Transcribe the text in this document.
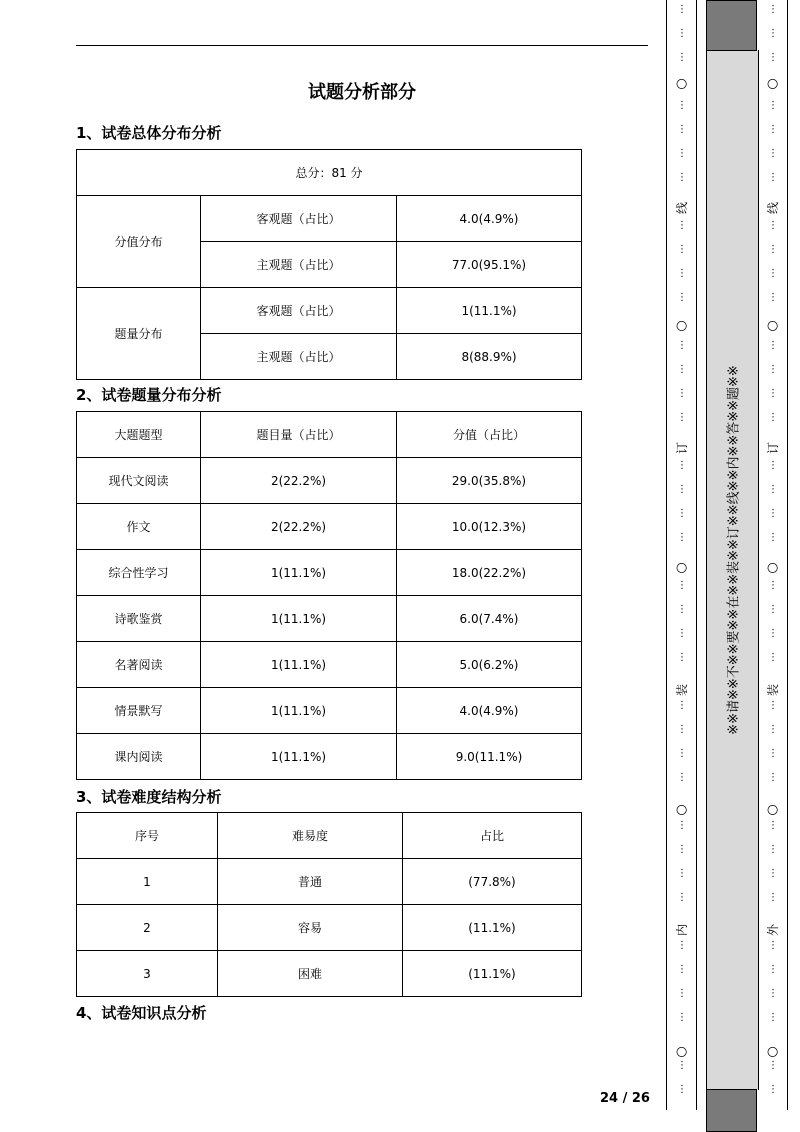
试题分析部分
1、试卷总体分布分析
总分：81 分		
分值分布	客观题（占比）	4.0(4.9%)
	主观题（占比）	77.0(95.1%)
题量分布	客观题（占比）	1(11.1%)
	主观题（占比）	8(88.9%)
2、试卷题量分布分析
大题题型	题目量（占比）	分值（占比）
现代文阅读	2(22.2%)	29.0(35.8%)
作文	2(22.2%)	10.0(12.3%)
综合性学习	1(11.1%)	18.0(22.2%)
诗歌鉴赏	1(11.1%)	6.0(7.4%)
名著阅读	1(11.1%)	5.0(6.2%)
情景默写	1(11.1%)	4.0(4.9%)
课内阅读	1(11.1%)	9.0(11.1%)
3、试卷难度结构分析
序号	难易度	占比
1	普通	(77.8%)
2	容易	(11.1%)
3	困难	(11.1%)
4、试卷知识点分析
⋮
⋮
⋮
⋮
⋮
⋮
⋮
⋮
⋮
⋮
⋮
⋮
⋮
⋮
⋮
⋮
⋮
⋮
⋮
⋮
⋮
⋮
⋮
⋮
⋮
⋮
⋮
⋮
⋮
⋮
⋮
⋮
⋮
⋮
⋮
⋮
⋮
○
线
○
订
○
装
○
内
○
⋮
⋮
⋮
⋮
⋮
⋮
⋮
⋮
⋮
⋮
⋮
⋮
⋮
⋮
⋮
⋮
⋮
⋮
⋮
⋮
⋮
⋮
⋮
⋮
⋮
⋮
⋮
⋮
⋮
⋮
⋮
⋮
⋮
⋮
⋮
⋮
⋮
○
线
○
订
○
装
○
外
○
※※请※※不※※要※※在※※装※※订※※线※※内※※答※※题※※
24 / 26
